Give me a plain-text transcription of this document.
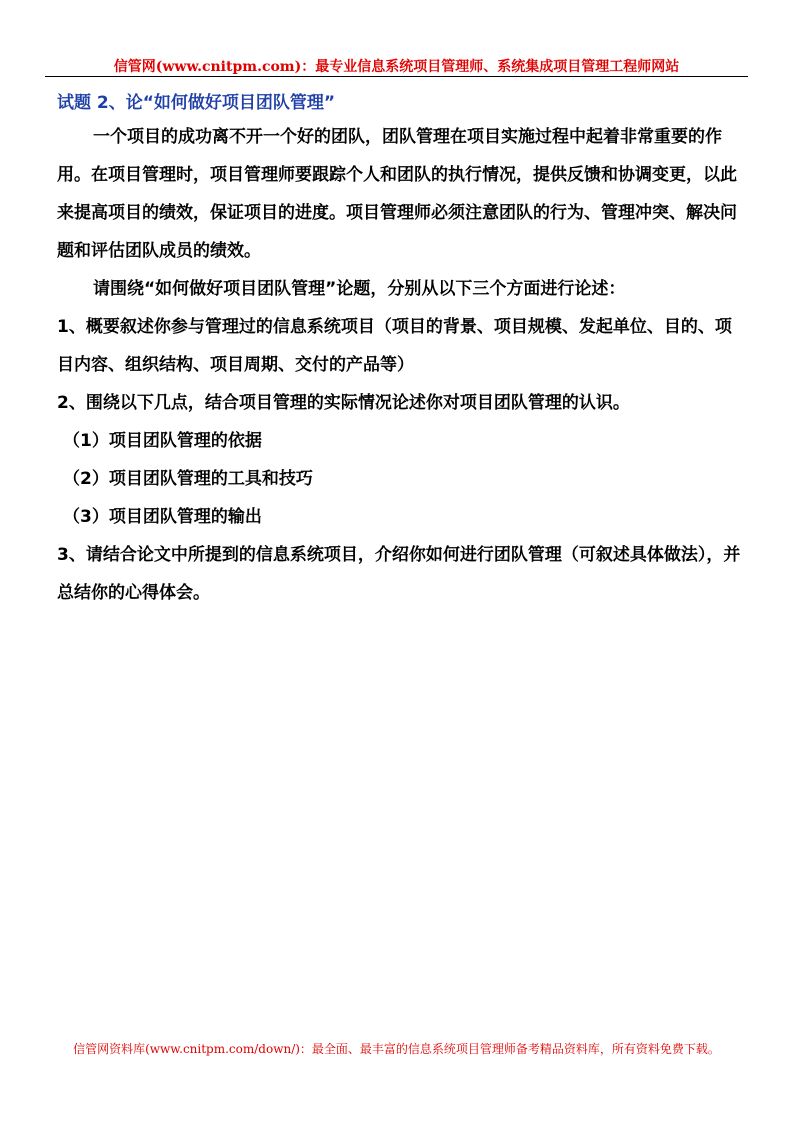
信管网(www.cnitpm.com)：最专业信息系统项目管理师、系统集成项目管理工程师网站
试题 2、论“如何做好项目团队管理”

一个项目的成功离不开一个好的团队，团队管理在项目实施过程中起着非常重要的作用。在项目管理时，项目管理师要跟踪个人和团队的执行情况，提供反馈和协调变更，以此来提高项目的绩效，保证项目的进度。项目管理师必须注意团队的行为、管理冲突、解决问题和评估团队成员的绩效。

请围绕“如何做好项目团队管理”论题，分别从以下三个方面进行论述：

1、概要叙述你参与管理过的信息系统项目（项目的背景、项目规模、发起单位、目的、项目内容、组织结构、项目周期、交付的产品等）

2、围绕以下几点，结合项目管理的实际情况论述你对项目团队管理的认识。

（1）项目团队管理的依据

（2）项目团队管理的工具和技巧

（3）项目团队管理的输出

3、请结合论文中所提到的信息系统项目，介绍你如何进行团队管理（可叙述具体做法），并总结你的心得体会。

信管网资料库(www.cnitpm.com/down/)：最全面、最丰富的信息系统项目管理师备考精品资料库，所有资料免费下载。
